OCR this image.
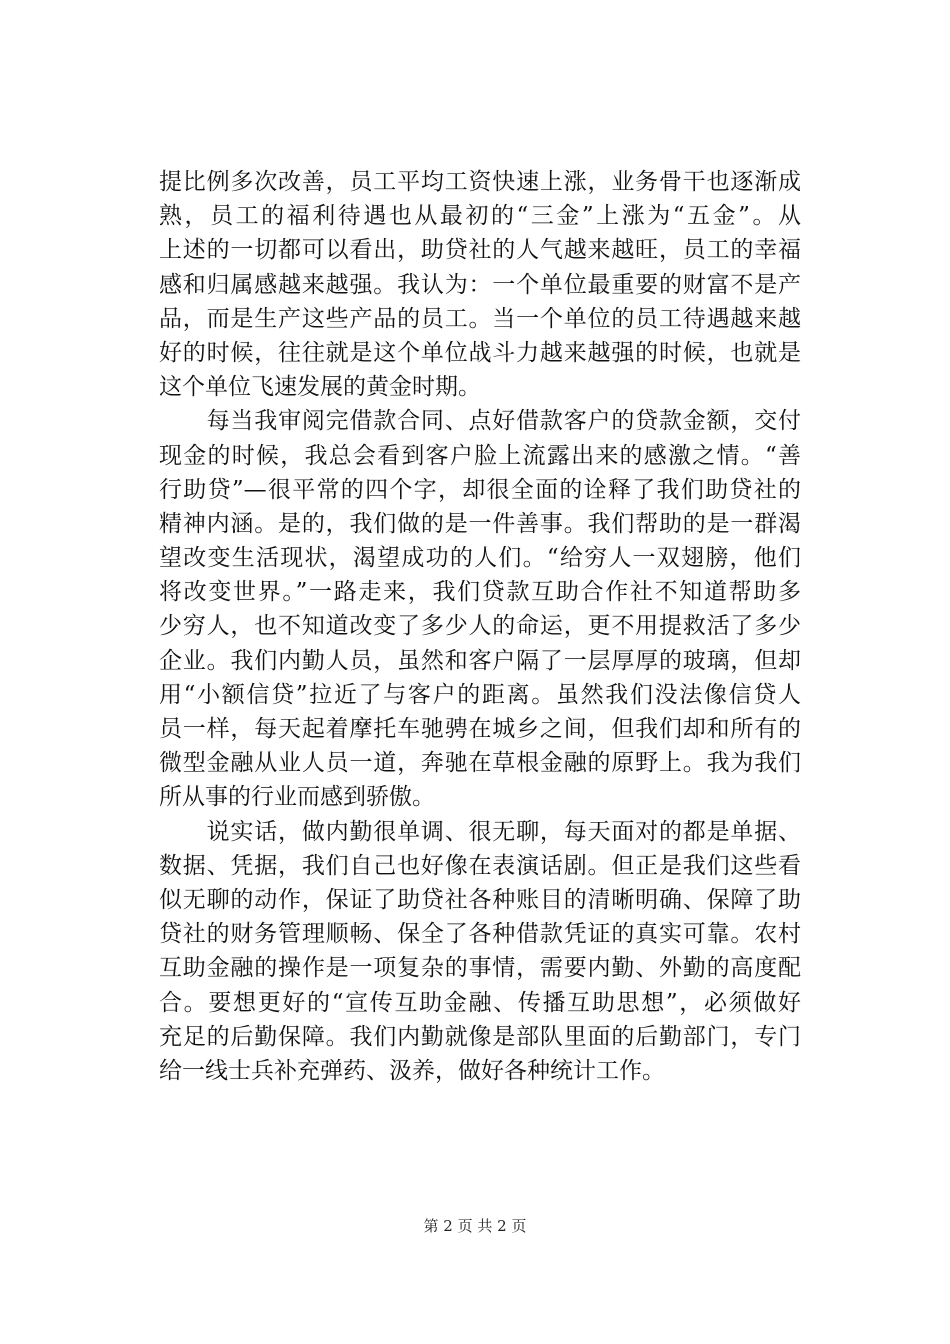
提比例多次改善，员工平均工资快速上涨，业务骨干也逐渐成
熟，员工的福利待遇也从最初的“三金”上涨为“五金”。从
上述的一切都可以看出，助贷社的人气越来越旺，员工的幸福
感和归属感越来越强。我认为：一个单位最重要的财富不是产
品，而是生产这些产品的员工。当一个单位的员工待遇越来越
好的时候，往往就是这个单位战斗力越来越强的时候，也就是
这个单位飞速发展的黄金时期。
　　每当我审阅完借款合同、点好借款客户的贷款金额，交付
现金的时候，我总会看到客户脸上流露出来的感激之情。“善
行助贷”—很平常的四个字，却很全面的诠释了我们助贷社的
精神内涵。是的，我们做的是一件善事。我们帮助的是一群渴
望改变生活现状，渴望成功的人们。“给穷人一双翅膀，他们
将改变世界。”一路走来，我们贷款互助合作社不知道帮助多
少穷人，也不知道改变了多少人的命运，更不用提救活了多少
企业。我们内勤人员，虽然和客户隔了一层厚厚的玻璃，但却
用“小额信贷”拉近了与客户的距离。虽然我们没法像信贷人
员一样，每天起着摩托车驰骋在城乡之间，但我们却和所有的
微型金融从业人员一道，奔驰在草根金融的原野上。我为我们
所从事的行业而感到骄傲。
　　说实话，做内勤很单调、很无聊，每天面对的都是单据、
数据、凭据，我们自己也好像在表演话剧。但正是我们这些看
似无聊的动作，保证了助贷社各种账目的清晰明确、保障了助
贷社的财务管理顺畅、保全了各种借款凭证的真实可靠。农村
互助金融的操作是一项复杂的事情，需要内勤、外勤的高度配
合。要想更好的“宣传互助金融、传播互助思想”，必须做好
充足的后勤保障。我们内勤就像是部队里面的后勤部门，专门
给一线士兵补充弹药、汲养，做好各种统计工作。
第 2 页 共 2 页
